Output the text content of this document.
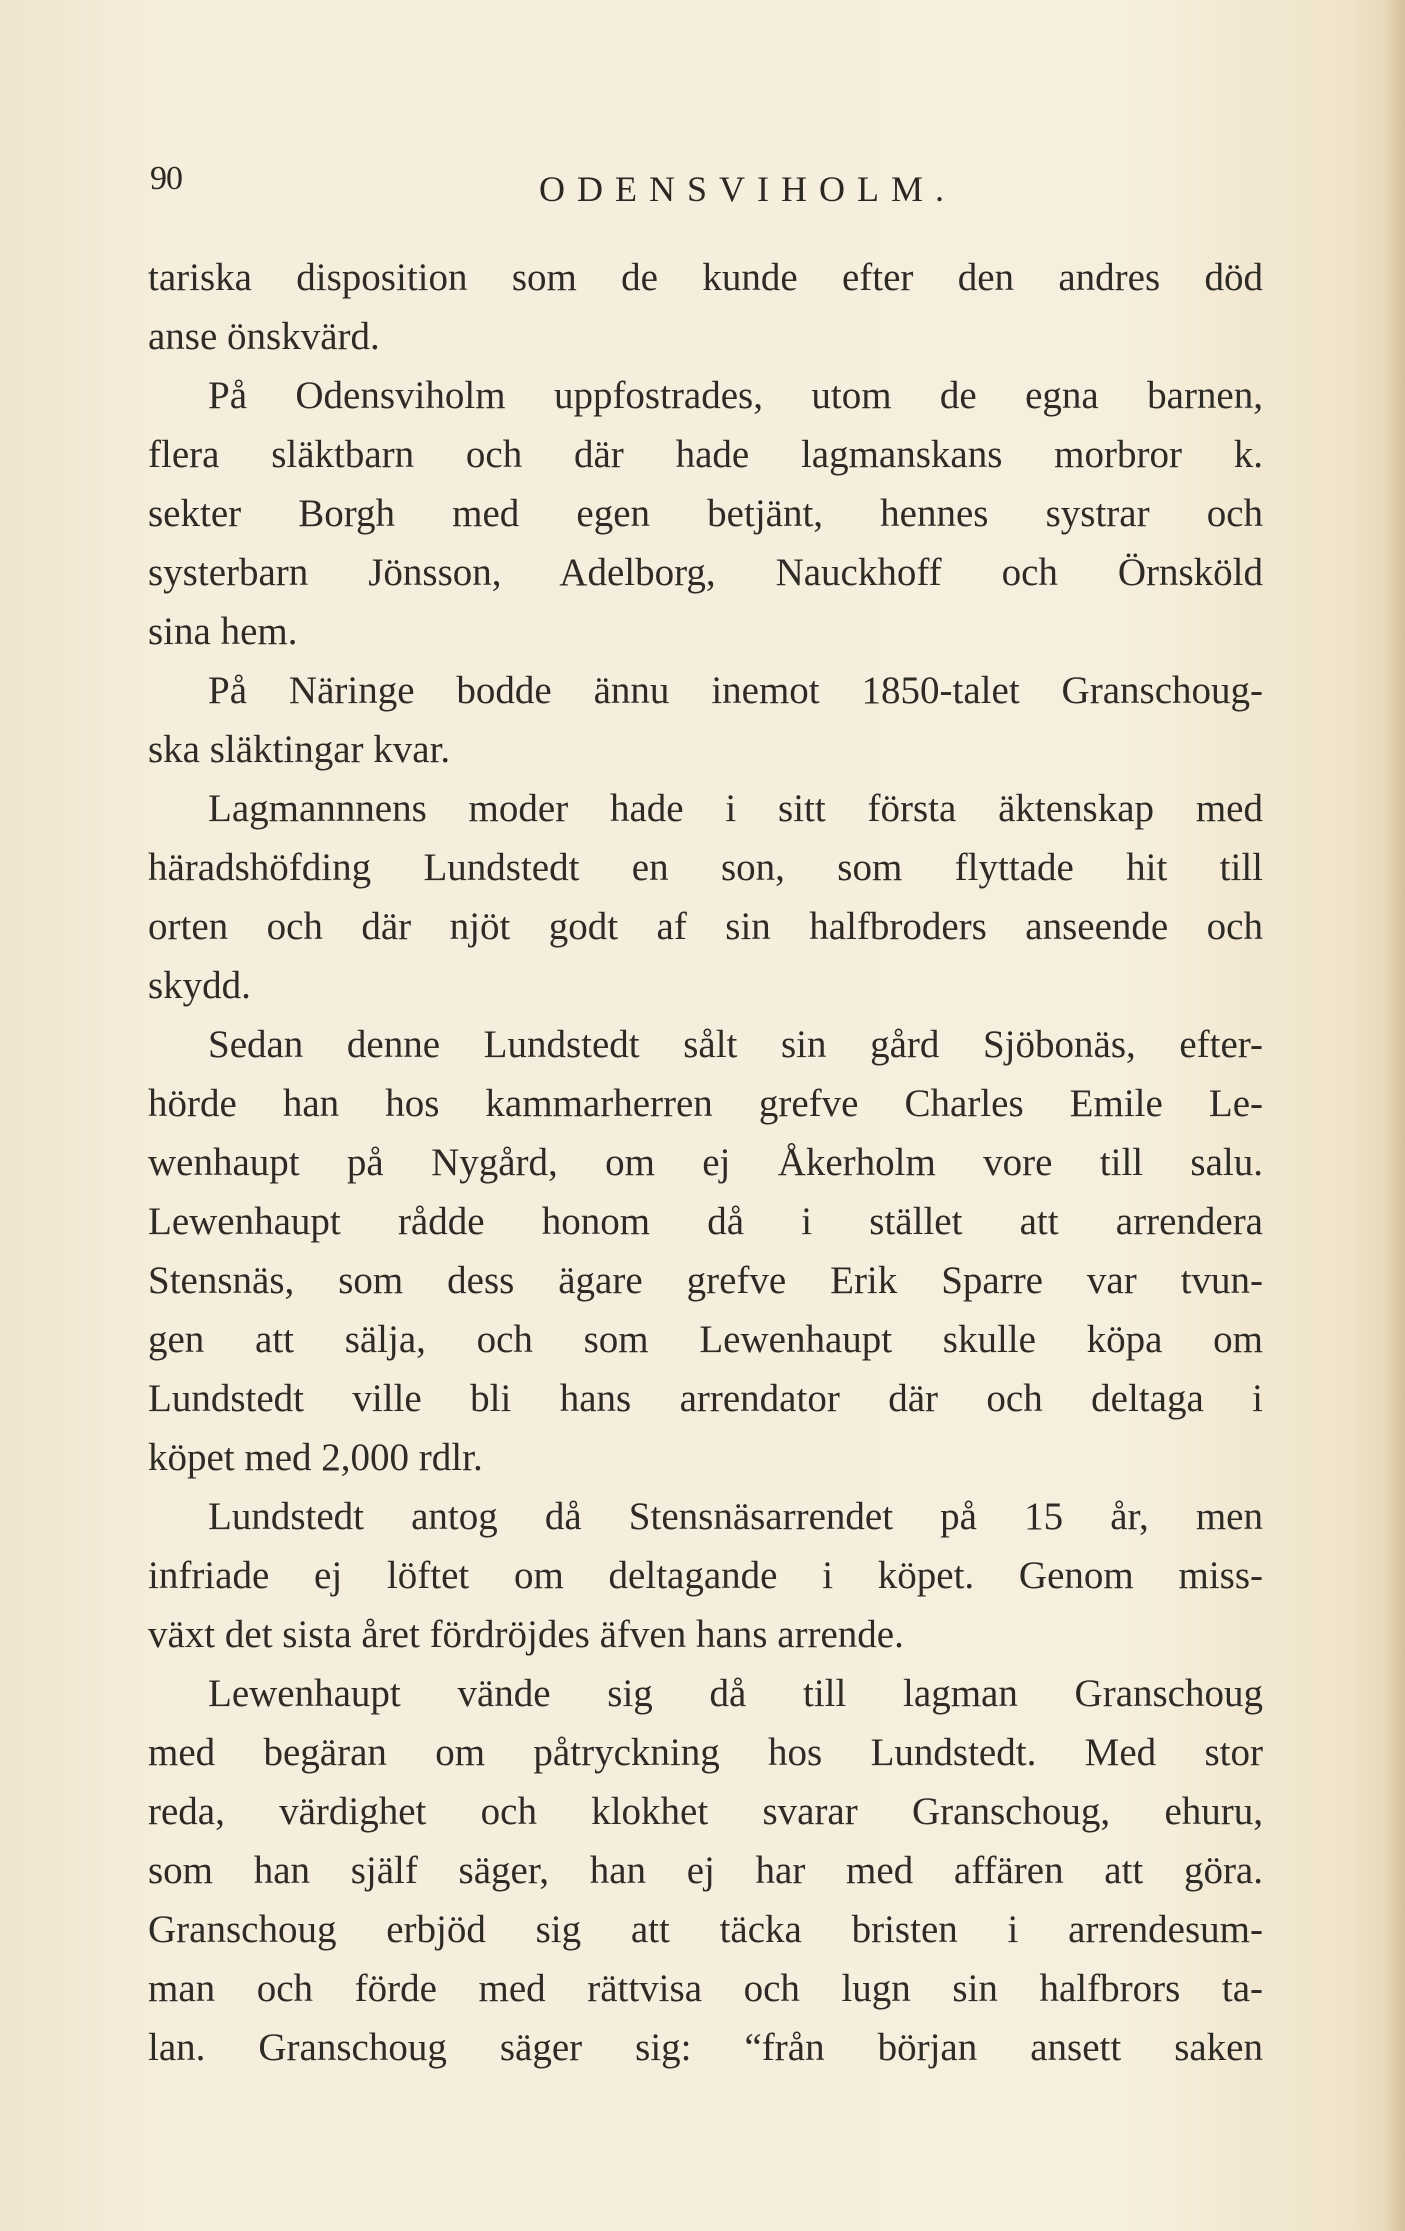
90	ODENSVIHOLM.
tariska disposition som de kunde efter den andres död
anse önskvärd.
På Odensviholm uppfostrades, utom de egna barnen,
flera släktbarn och där hade lagmanskans morbror k.
sekter Borgh med egen betjänt, hennes systrar och
systerbarn Jönsson, Adelborg, Nauckhoff och Örnsköld
sina hem.
På Näringe bodde ännu inemot 1850-talet Granschoug-
ska släktingar kvar.
Lagmannnens moder hade i sitt första äktenskap med
häradshöfding Lundstedt en son, som flyttade hit till
orten och där njöt godt af sin halfbroders anseende och
skydd.
Sedan denne Lundstedt sålt sin gård Sjöbonäs, efter-
hörde han hos kammarherren grefve Charles Emile Le-
wenhaupt på Nygård, om ej Åkerholm vore till salu.
Lewenhaupt rådde honom då i stället att arrendera
Stensnäs, som dess ägare grefve Erik Sparre var tvun-
gen att sälja, och som Lewenhaupt skulle köpa om
Lundstedt ville bli hans arrendator där och deltaga i
köpet med 2,000 rdlr.
Lundstedt antog då Stensnäsarrendet på 15 år, men
infriade ej löftet om deltagande i köpet. Genom miss-
växt det sista året fördröjdes äfven hans arrende.
Lewenhaupt vände sig då till lagman Granschoug
med begäran om påtryckning hos Lundstedt. Med stor
reda, värdighet och klokhet svarar Granschoug, ehuru,
som han själf säger, han ej har med affären att göra.
Granschoug erbjöd sig att täcka bristen i arrendesum-
man och förde med rättvisa och lugn sin halfbrors ta-
lan. Granschoug säger sig: “från början ansett saken
